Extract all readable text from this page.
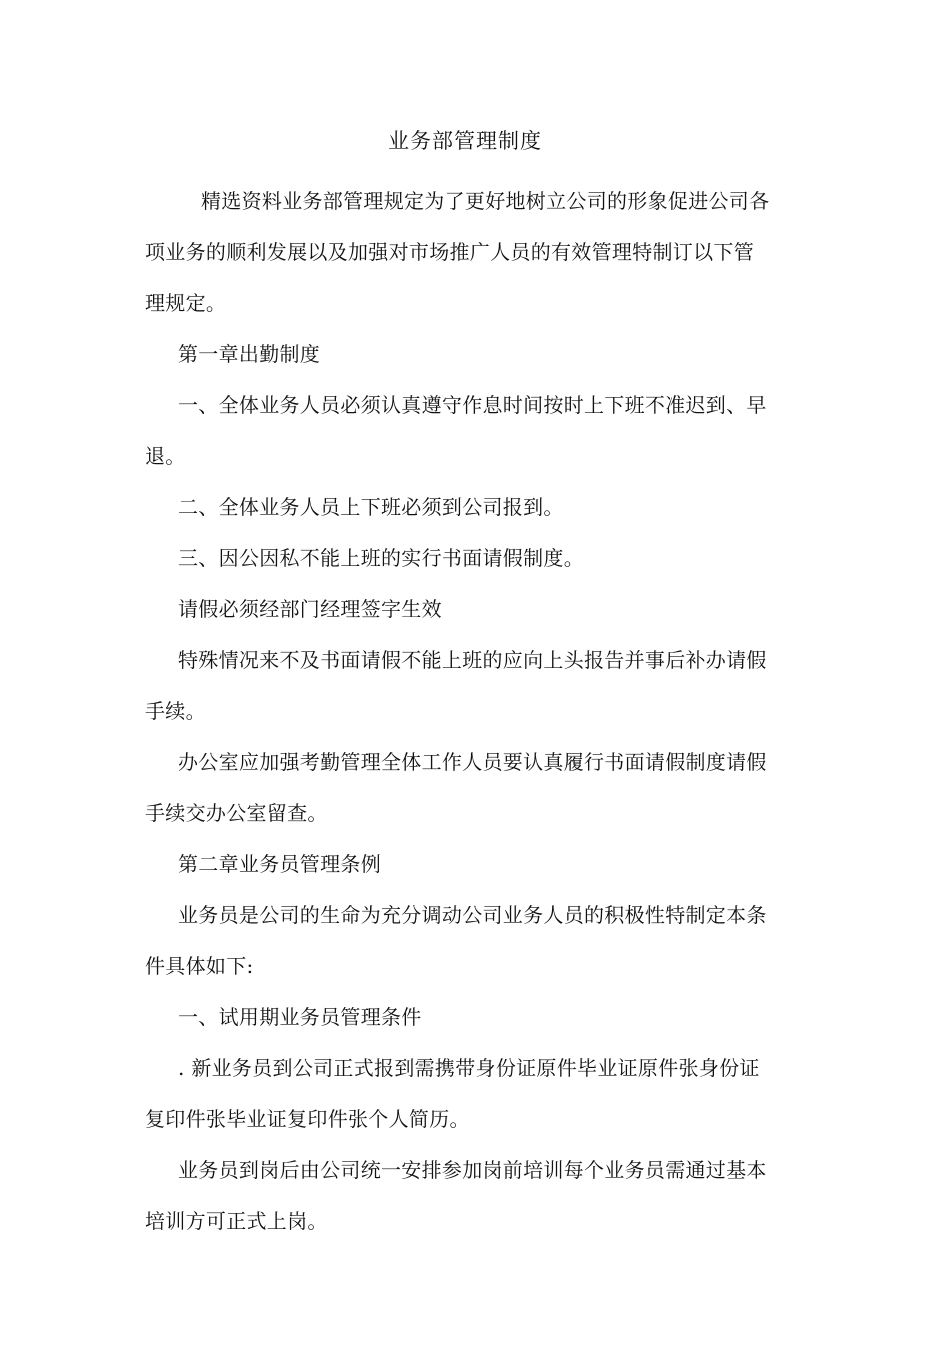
业务部管理制度

精选资料业务部管理规定为了更好地树立公司的形象促进公司各项业务的顺利发展以及加强对市场推广人员的有效管理特制订以下管理规定。

第一章出勤制度

一、全体业务人员必须认真遵守作息时间按时上下班不准迟到、早退。

二、全体业务人员上下班必须到公司报到。

三、因公因私不能上班的实行书面请假制度。

请假必须经部门经理签字生效

特殊情况来不及书面请假不能上班的应向上头报告并事后补办请假手续。

办公室应加强考勤管理全体工作人员要认真履行书面请假制度请假手续交办公室留查。

第二章业务员管理条例

业务员是公司的生命为充分调动公司业务人员的积极性特制定本条件具体如下:

一、试用期业务员管理条件

. 新业务员到公司正式报到需携带身份证原件毕业证原件张身份证复印件张毕业证复印件张个人简历。

业务员到岗后由公司统一安排参加岗前培训每个业务员需通过基本培训方可正式上岗。
